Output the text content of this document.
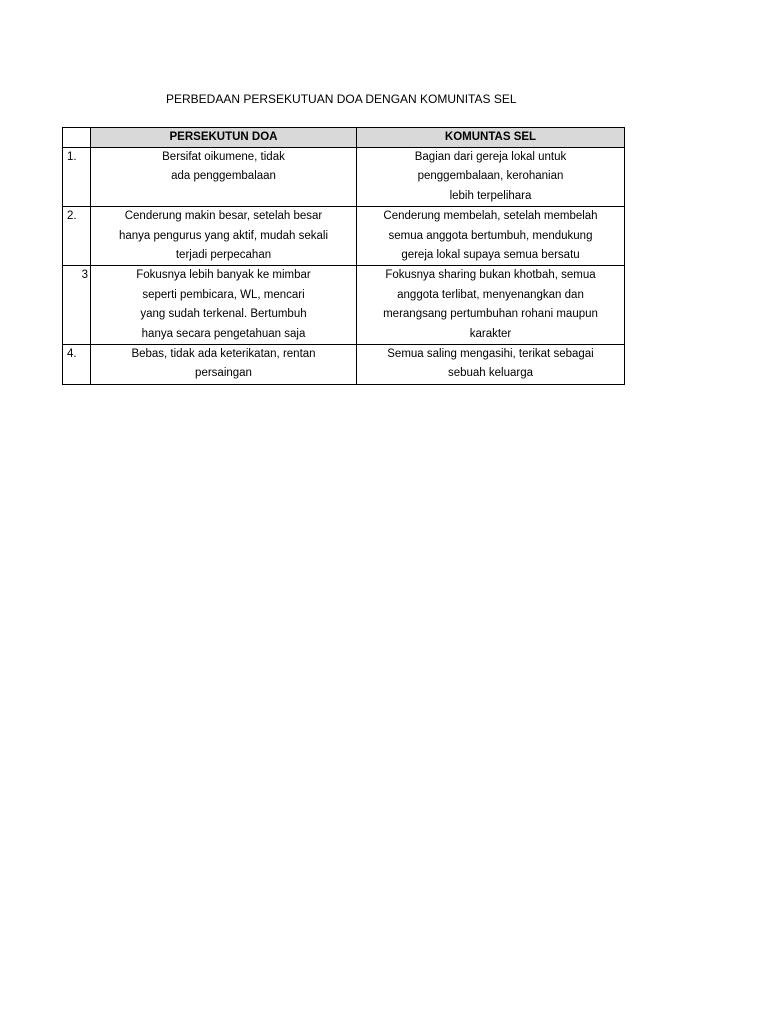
PERBEDAAN PERSEKUTUAN DOA DENGAN KOMUNITAS SEL
	PERSEKUTUN DOA	KOMUNTAS SEL
1.	Bersifat oikumene, tidak
ada penggembalaan	Bagian dari gereja lokal untuk
penggembalaan, kerohanian
lebih terpelihara

2.	Cenderung makin besar, setelah besar
hanya pengurus yang aktif, mudah sekali
terjadi perpecahan	Cenderung membelah, setelah membelah
semua anggota bertumbuh, mendukung
gereja lokal supaya semua bersatu

3	Fokusnya lebih banyak ke mimbar
seperti pembicara, WL, mencari
yang sudah terkenal. Bertumbuh
hanya secara pengetahuan saja	Fokusnya sharing bukan khotbah, semua
anggota terlibat, menyenangkan dan
merangsang pertumbuhan rohani maupun
karakter

4.	Bebas, tidak ada keterikatan, rentan
persaingan	Semua saling mengasihi, terikat sebagai
sebuah keluarga
